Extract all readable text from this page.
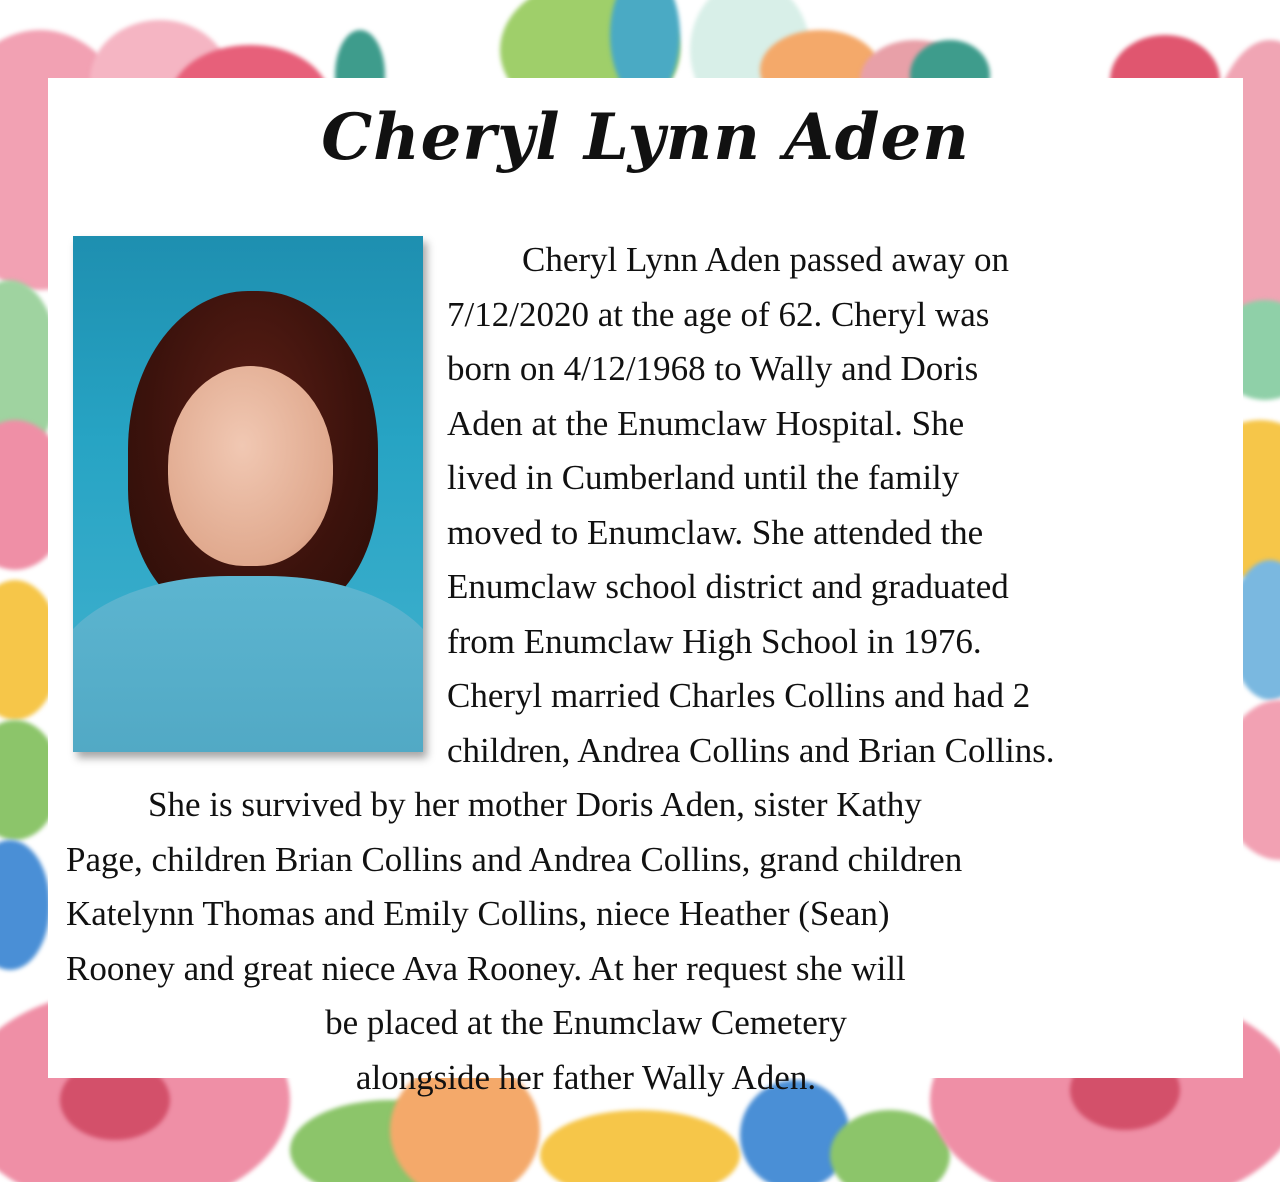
Cheryl Lynn Aden
Cheryl Lynn Aden passed away on
7/12/2020 at the age of 62. Cheryl was
born on 4/12/1968 to Wally and Doris
Aden at the Enumclaw Hospital. She
lived in Cumberland until the family
moved to Enumclaw. She attended the
Enumclaw school district and graduated
from Enumclaw High School in 1976.
Cheryl married Charles Collins and had 2
children, Andrea Collins and Brian Collins.
She is survived by her mother Doris Aden, sister Kathy
Page, children Brian Collins and Andrea Collins, grand children
Katelynn Thomas and Emily Collins, niece Heather (Sean)
Rooney and great niece Ava Rooney. At her request she will
be placed at the Enumclaw Cemetery
alongside her father Wally Aden.
